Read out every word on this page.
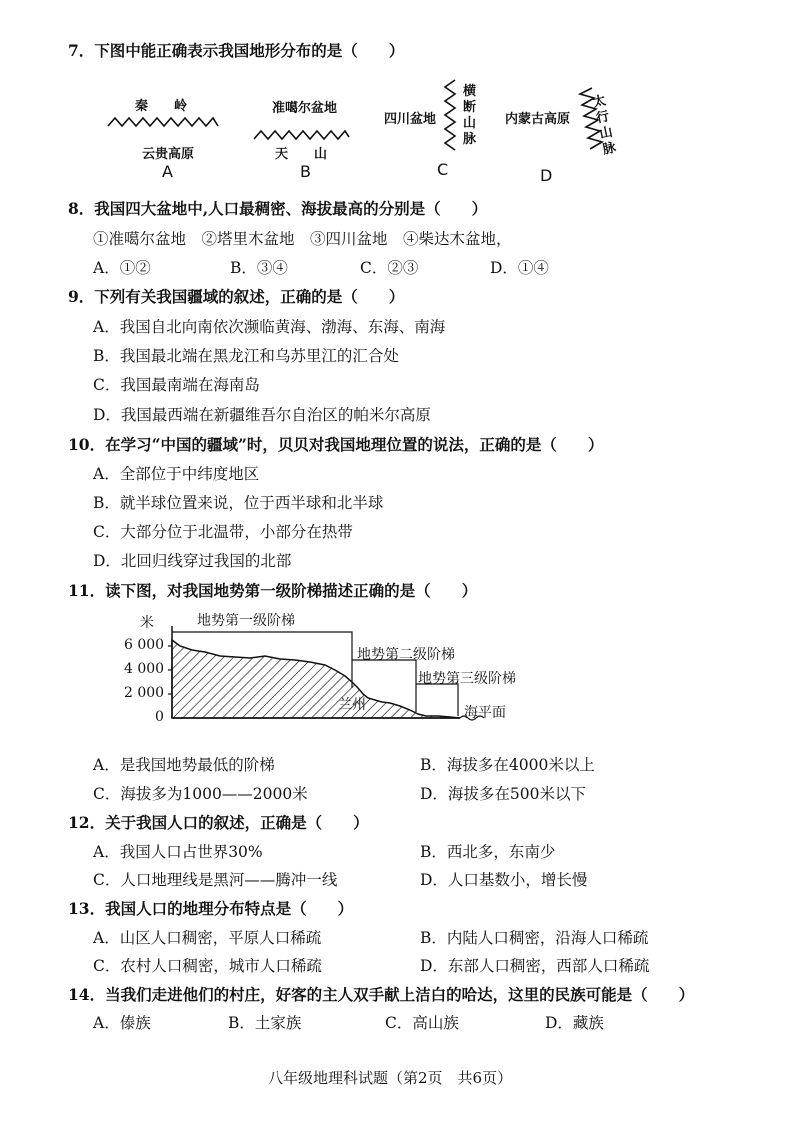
7．下图中能正确表示我国地形分布的是（　　）
秦　　岭
云贵高原
A
准噶尔盆地
天　　山
B
四川盆地
横
断
山
脉
C
内蒙古高原
太
行
山
脉
D
8．我国四大盆地中,人口最稠密、海拔最高的分别是（　　）
①准噶尔盆地　②塔里木盆地　③四川盆地　④柴达木盆地，
A．①②	B．③④	C．②③	D．①④
9．下列有关我国疆域的叙述，正确的是（　　）
A．我国自北向南依次濒临黄海、渤海、东海、南海
B．我国最北端在黑龙江和乌苏里江的汇合处
C．我国最南端在海南岛
D．我国最西端在新疆维吾尔自治区的帕米尔高原
10．在学习“中国的疆域”时，贝贝对我国地理位置的说法，正确的是（　　）
A．全部位于中纬度地区
B．就半球位置来说，位于西半球和北半球
C．大部分位于北温带，小部分在热带
D．北回归线穿过我国的北部
11．读下图，对我国地势第一级阶梯描述正确的是（　　）
米
6 000
4 000
2 000
0
地势第一级阶梯
地势第二级阶梯
地势第三级阶梯
兰州	海平面
A．是我国地势最低的阶梯	B．海拔多在4000米以上
C．海拔多为1000——2000米	D．海拔多在500米以下
12．关于我国人口的叙述，正确是（　　）
A．我国人口占世界30%	B．西北多，东南少
C．人口地理线是黑河——腾冲一线	D．人口基数小，增长慢
13．我国人口的地理分布特点是（　　）
A．山区人口稠密，平原人口稀疏	B．内陆人口稠密，沿海人口稀疏
C．农村人口稠密，城市人口稀疏	D．东部人口稠密，西部人口稀疏
14．当我们走进他们的村庄，好客的主人双手献上洁白的哈达，这里的民族可能是（　　）
A．傣族	B．土家族	C．高山族	D．藏族
八年级地理科试题（第2页　共6页）
